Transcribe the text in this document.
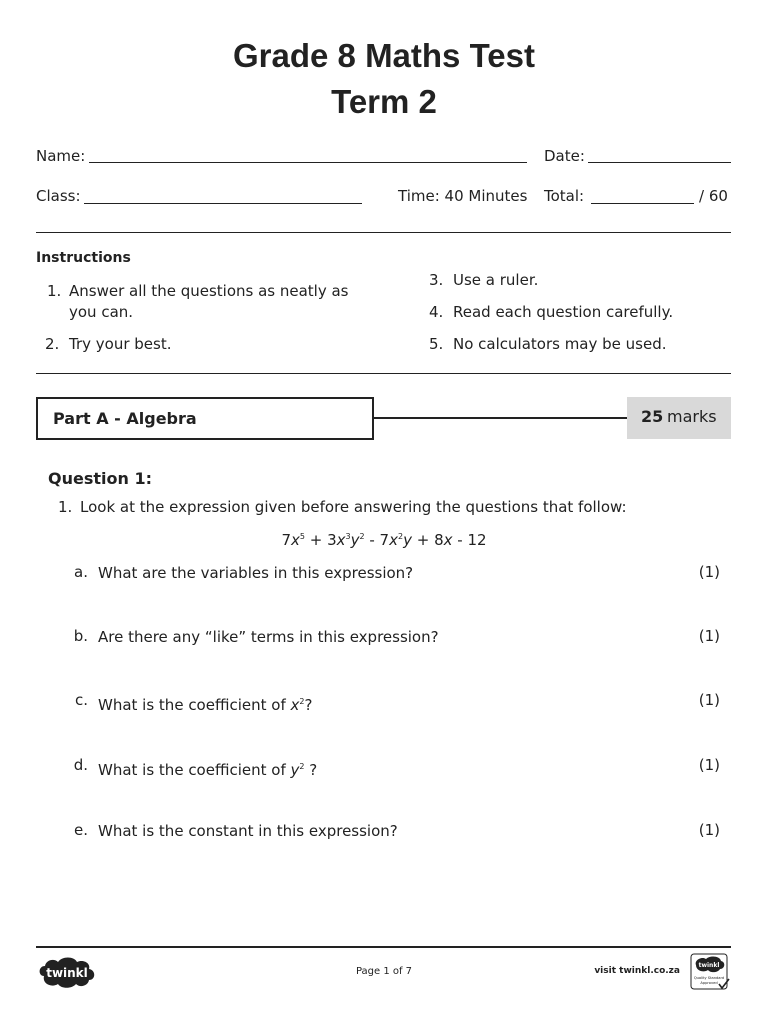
Grade 8 Maths Test
Term 2
Name:	Date:
Class:	Time: 40 Minutes Total:	/ 60
Instructions
1. Answer all the questions as neatly as
you can.
2. Try your best.
3. Use a ruler.
4. Read each question carefully.
5. No calculators may be used.
Part A - Algebra	25 marks
Question 1:
1. Look at the expression given before answering the questions that follow:
$7x^5 + 3x^3y^2 - 7x^2y + 8x - 12$
a. What are the variables in this expression?	(1)
b. Are there any “like” terms in this expression?	(1)
c. What is the coefficient of $x^2$?	(1)
d. What is the coefficient of $y^2$ ?	(1)
e. What is the constant in this expression?	(1)
twinkl	Page 1 of 7	visit twinkl.co.za
twinkl
Quality Standard
Approved
